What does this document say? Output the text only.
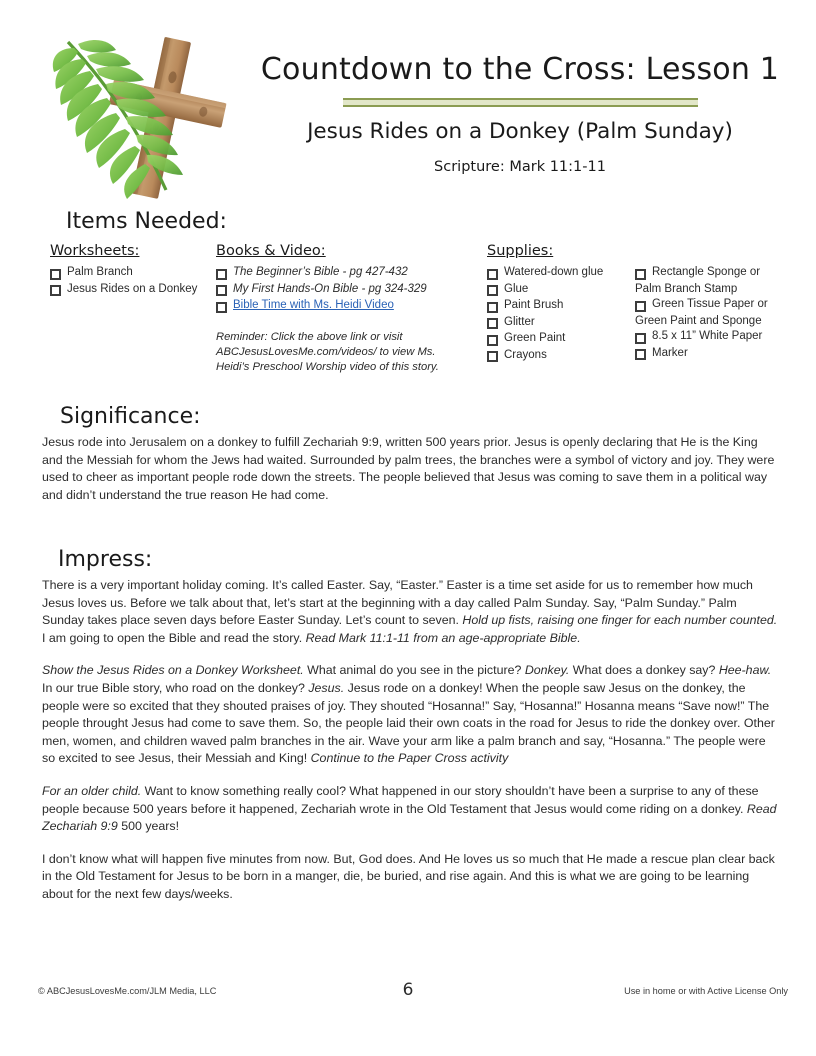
Countdown to the Cross: Lesson 1
Jesus Rides on a Donkey (Palm Sunday)
Scripture: Mark 11:1-11
Items Needed:
Worksheets:
Palm Branch
Jesus Rides on a Donkey
Books & Video:
The Beginner’s Bible - pg 427-432
My First Hands-On Bible - pg 324-329
Bible Time with Ms. Heidi Video
Reminder: Click the above link or visit ABCJesusLovesMe.com/videos/ to view Ms. Heidi’s Preschool Worship video of this story.
Supplies:
Watered-down glue
Glue
Paint Brush
Glitter
Green Paint
Crayons
Rectangle Sponge or
Palm Branch Stamp
Green Tissue Paper or
Green Paint and Sponge
8.5 x 11” White Paper
Marker
Significance:

Jesus rode into Jerusalem on a donkey to fulfill Zechariah 9:9, written 500 years prior. Jesus is openly declaring that He is the King and the Messiah for whom the Jews had waited. Surrounded by palm trees, the branches were a symbol of victory and joy. They were used to cheer as important people rode down the streets. The people believed that Jesus was coming to save them in a political way and didn’t understand the true reason He had come.

Impress:

There is a very important holiday coming. It’s called Easter. Say, “Easter.” Easter is a time set aside for us to remember how much Jesus loves us. Before we talk about that, let’s start at the beginning with a day called Palm Sunday. Say, “Palm Sunday.” Palm Sunday takes place seven days before Easter Sunday. Let’s count to seven. Hold up fists, raising one finger for each number counted. I am going to open the Bible and read the story. Read Mark 11:1-11 from an age-appropriate Bible.

Show the Jesus Rides on a Donkey Worksheet. What animal do you see in the picture? Donkey. What does a donkey say? Hee-haw. In our true Bible story, who road on the donkey? Jesus. Jesus rode on a donkey! When the people saw Jesus on the donkey, the people were so excited that they shouted praises of joy. They shouted “Hosanna!” Say, “Hosanna!” Hosanna means “Save now!” The people throught Jesus had come to save them. So, the people laid their own coats in the road for Jesus to ride the donkey over. Other men, women, and children waved palm branches in the air. Wave your arm like a palm branch and say, “Hosanna.” The people were so excited to see Jesus, their Messiah and King! Continue to the Paper Cross activity

For an older child. Want to know something really cool? What happened in our story shouldn’t have been a surprise to any of these people because 500 years before it happened, Zechariah wrote in the Old Testament that Jesus would come riding on a donkey. Read Zechariah 9:9 500 years!

I don’t know what will happen five minutes from now. But, God does. And He loves us so much that He made a rescue plan clear back in the Old Testament for Jesus to be born in a manger, die, be buried, and rise again. And this is what we are going to be learning about for the next few days/weeks.

© ABCJesusLovesMe.com/JLM Media, LLC	6	Use in home or with Active License Only
